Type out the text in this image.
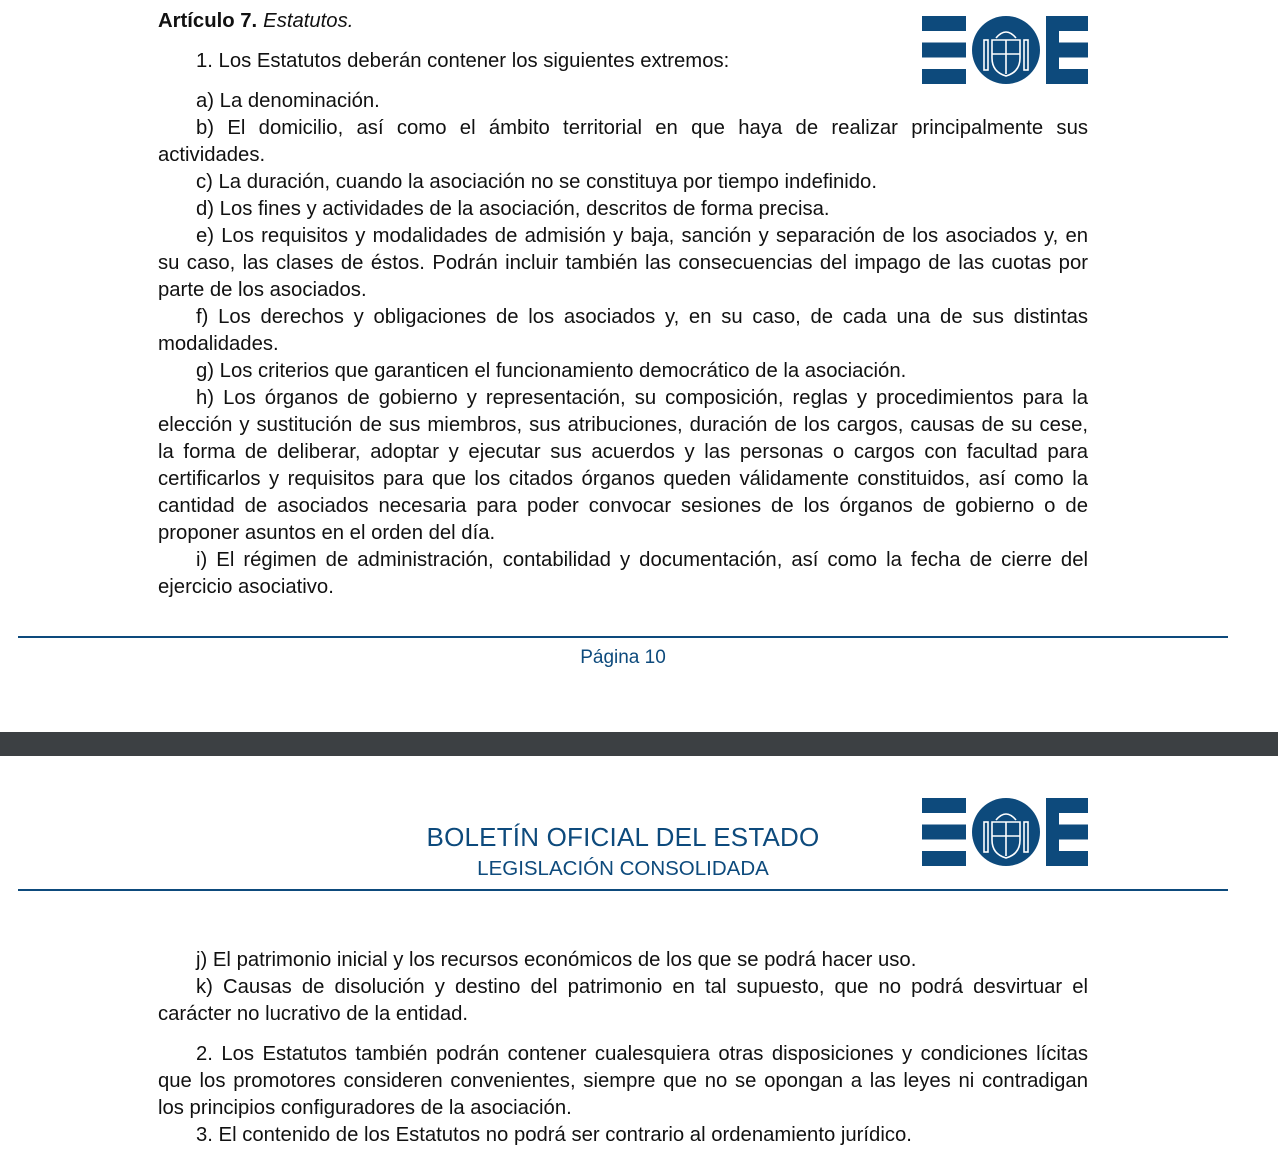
Artículo 7. Estatutos.

1. Los Estatutos deberán contener los siguientes extremos:

a) La denominación.

b) El domicilio, así como el ámbito territorial en que haya de realizar principalmente sus actividades.

c) La duración, cuando la asociación no se constituya por tiempo indefinido.

d) Los fines y actividades de la asociación, descritos de forma precisa.

e) Los requisitos y modalidades de admisión y baja, sanción y separación de los asociados y, en su caso, las clases de éstos. Podrán incluir también las consecuencias del impago de las cuotas por parte de los asociados.

f) Los derechos y obligaciones de los asociados y, en su caso, de cada una de sus distintas modalidades.

g) Los criterios que garanticen el funcionamiento democrático de la asociación.

h) Los órganos de gobierno y representación, su composición, reglas y procedimientos para la elección y sustitución de sus miembros, sus atribuciones, duración de los cargos, causas de su cese, la forma de deliberar, adoptar y ejecutar sus acuerdos y las personas o cargos con facultad para certificarlos y requisitos para que los citados órganos queden válidamente constituidos, así como la cantidad de asociados necesaria para poder convocar sesiones de los órganos de gobierno o de proponer asuntos en el orden del día.

i) El régimen de administración, contabilidad y documentación, así como la fecha de cierre del ejercicio asociativo.

Página 10
BOLETÍN OFICIAL DEL ESTADO
LEGISLACIÓN CONSOLIDADA

j) El patrimonio inicial y los recursos económicos de los que se podrá hacer uso.

k) Causas de disolución y destino del patrimonio en tal supuesto, que no podrá desvirtuar el carácter no lucrativo de la entidad.

2. Los Estatutos también podrán contener cualesquiera otras disposiciones y condiciones lícitas que los promotores consideren convenientes, siempre que no se opongan a las leyes ni contradigan los principios configuradores de la asociación.

3. El contenido de los Estatutos no podrá ser contrario al ordenamiento jurídico.
